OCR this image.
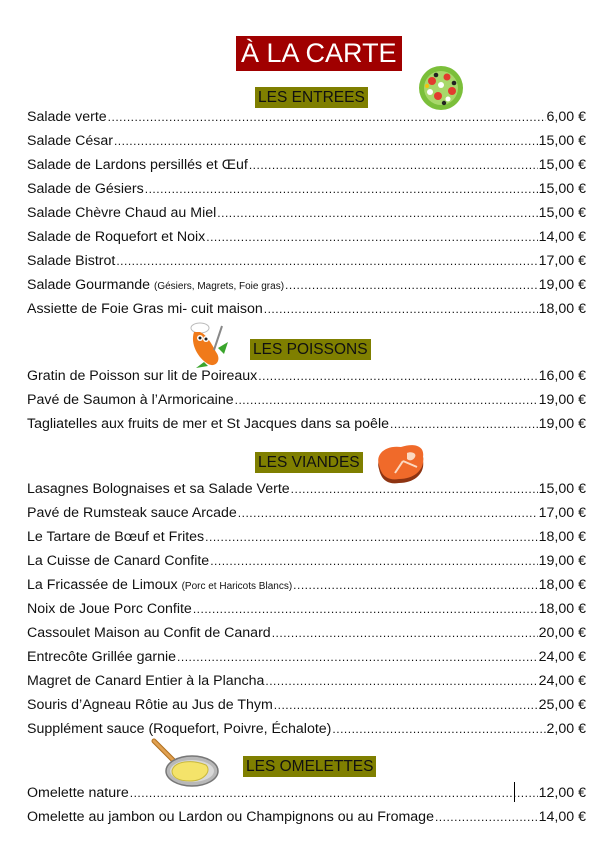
À LA CARTE
LES ENTREES
Salade verte .....	6,00 €
Salade César .....	15,00 €
Salade de Lardons persillés et Œuf .....	15,00 €
Salade de Gésiers .....	15,00 €
Salade Chèvre Chaud au Miel .....	15,00 €
Salade de Roquefort et Noix .....	14,00 €
Salade Bistrot .....	17,00 €
Salade Gourmande (Gésiers, Magrets, Foie gras) .....	19,00 €
Assiette de Foie Gras mi- cuit maison .....	18,00 €
LES POISSONS
Gratin de Poisson sur lit de Poireaux .....	16,00 €
Pavé de Saumon à l’Armoricaine .....	19,00 €
Tagliatelles aux fruits de mer et St Jacques dans sa poêle .....	19,00 €
LES VIANDES
Lasagnes Bolognaises et sa Salade Verte .....	15,00 €
Pavé de Rumsteak sauce Arcade .....	17,00 €
Le Tartare de Bœuf et Frites .....	18,00 €
La Cuisse de Canard Confite .....	19,00 €
La Fricassée de Limoux (Porc et Haricots Blancs) .....	18,00 €
Noix de Joue Porc Confite .....	18,00 €
Cassoulet Maison au Confit de Canard .....	20,00 €
Entrecôte Grillée garnie .....	24,00 €
Magret de Canard Entier à la Plancha .....	24,00 €
Souris d’Agneau Rôtie au Jus de Thym .....	25,00 €
Supplément sauce (Roquefort, Poivre, Échalote) .....	2,00 €
LES OMELETTES
Omelette nature .....	12,00 €
Omelette au jambon ou Lardon ou Champignons ou au Fromage .....	14,00 €
